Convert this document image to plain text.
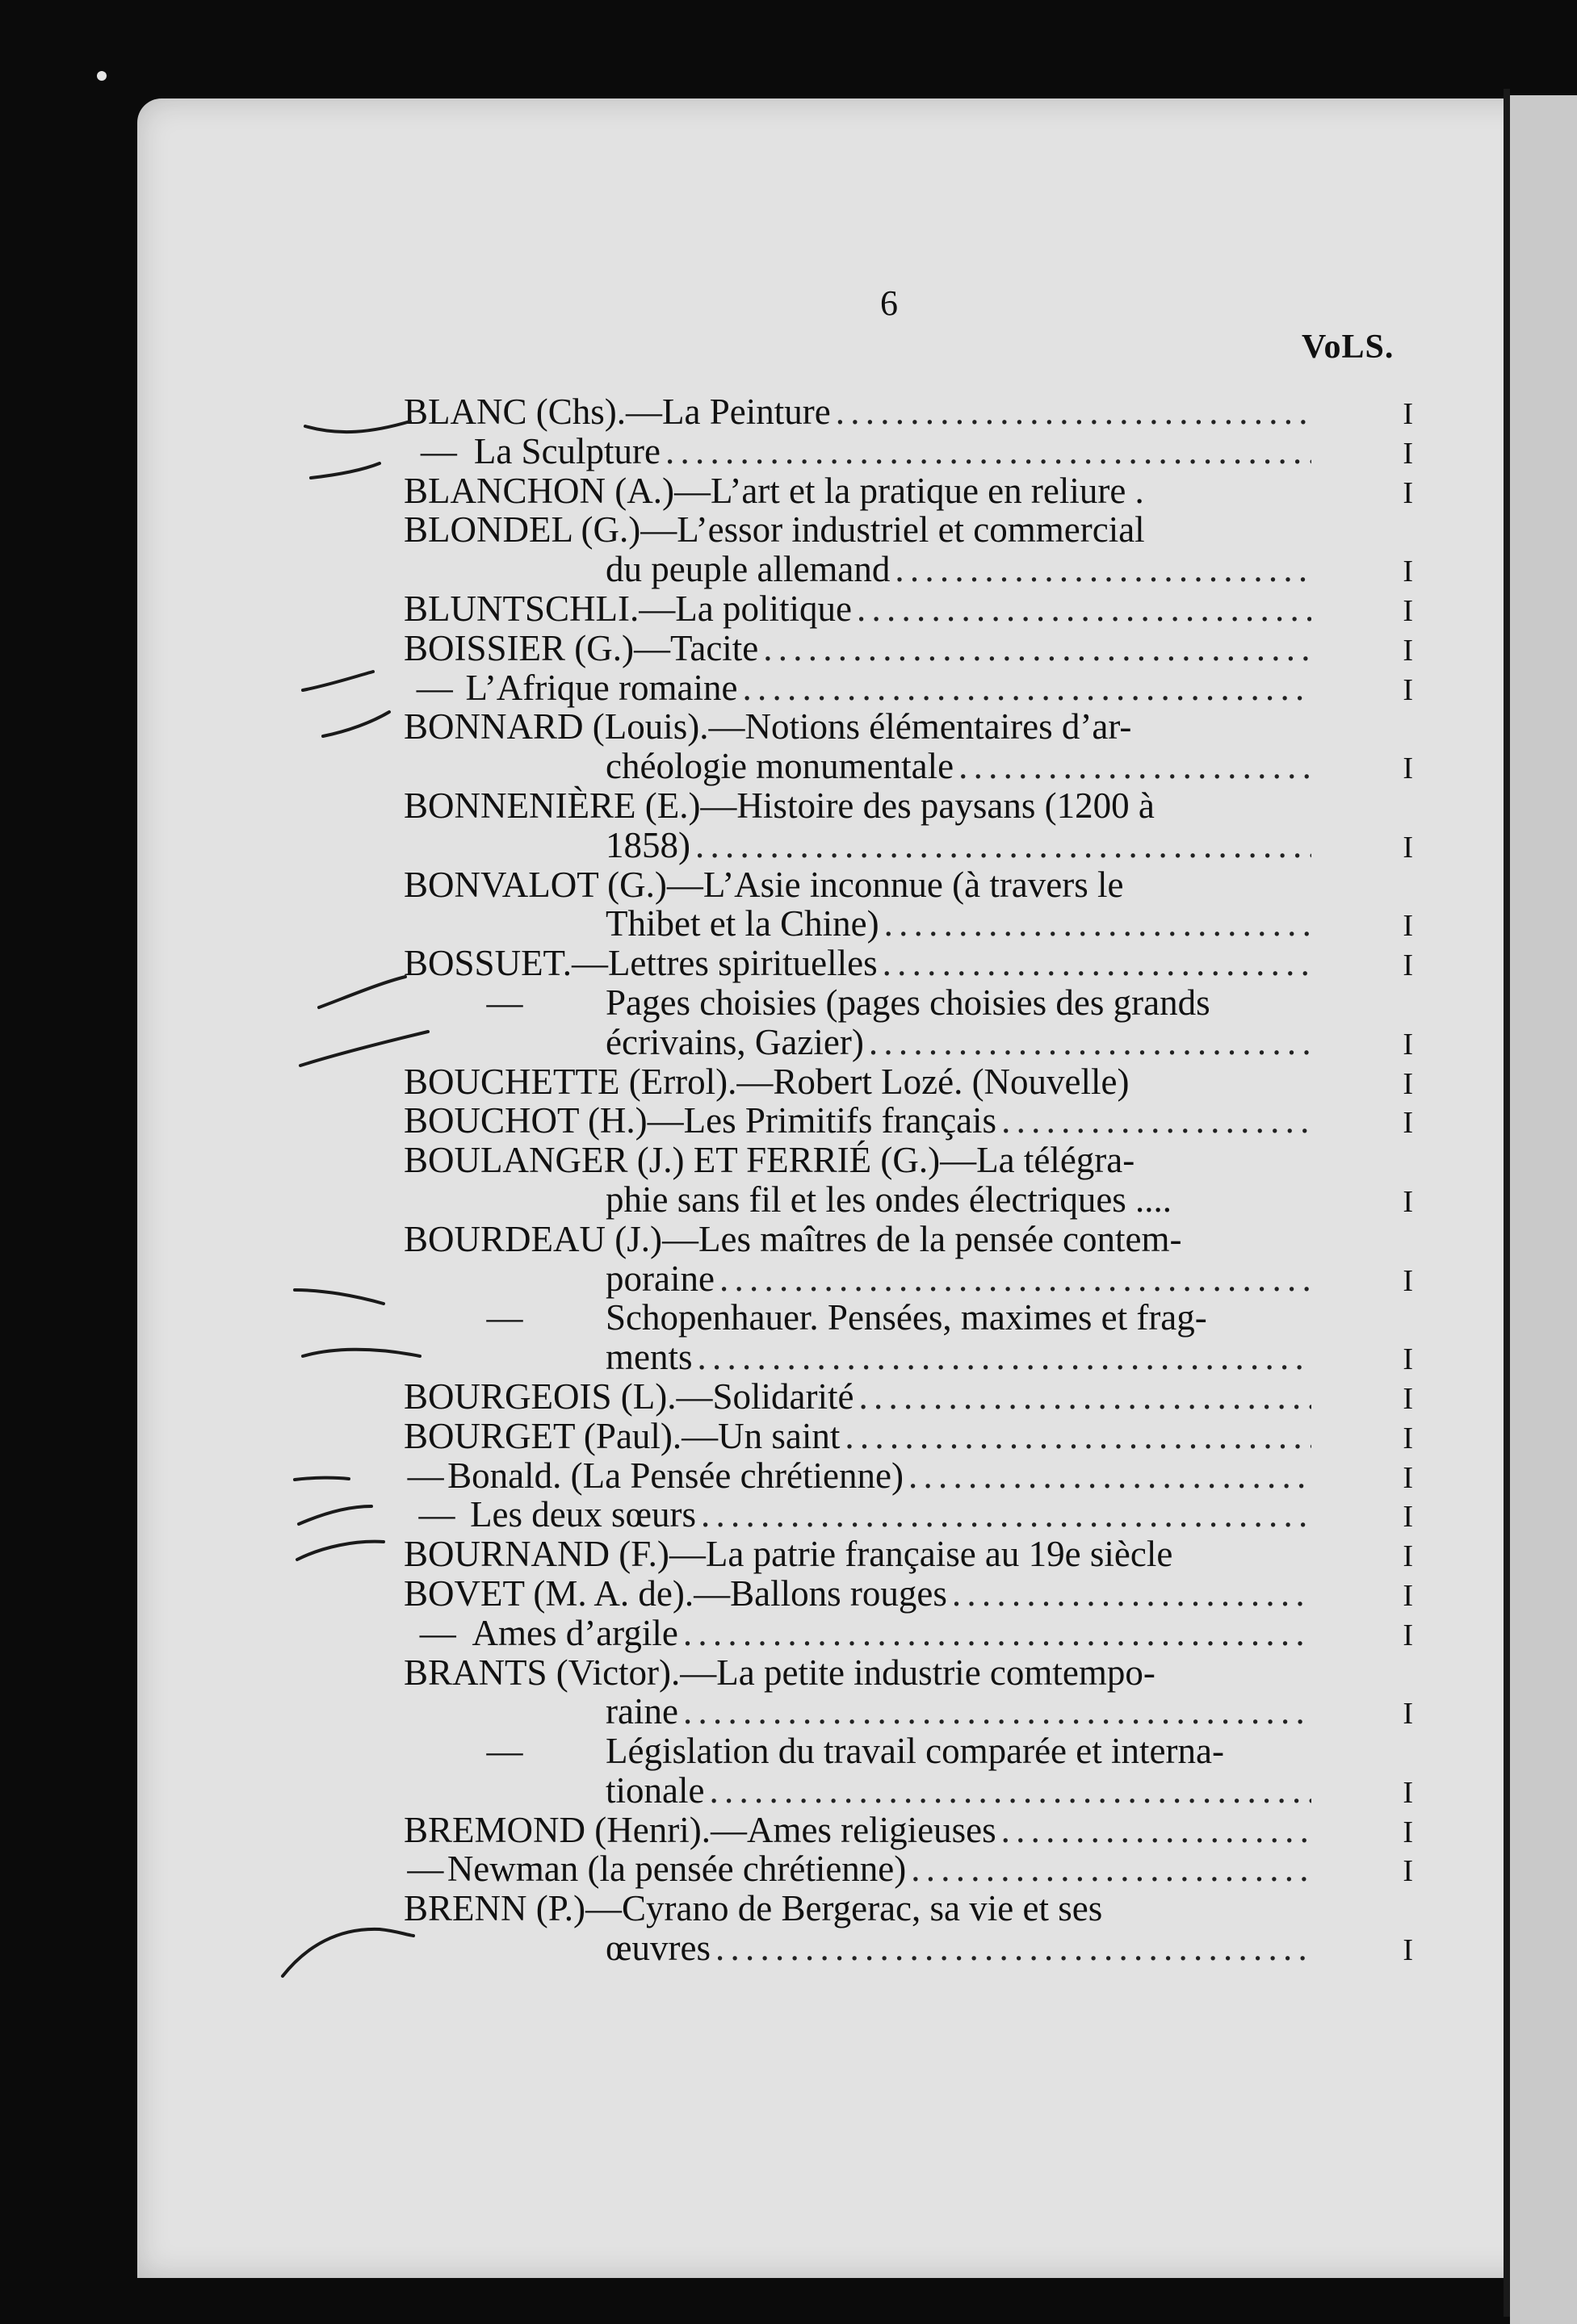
6
VoLS.
BLANC (Chs).—La Peinture . . .	I
— La Sculpture . . .	I
BLANCHON (A.)—L’art et la pratique en reliure .	I
BLONDEL (G.)—L’essor industriel et commercial
du peuple allemand . . .	I
BLUNTSCHLI.—La politique . . .	I
BOISSIER (G.)—Tacite . . .	I
— L’Afrique romaine . . .	I
BONNARD (Louis).—Notions élémentaires d’ar-
chéologie monumentale . . .	I
BONNENIÈRE (E.)—Histoire des paysans (1200 à
1858) . . .	I
BONVALOT (G.)—L’Asie inconnue (à travers le
Thibet et la Chine) . . .	I
BOSSUET.—Lettres spirituelles . . .	I
—	Pages choisies (pages choisies des grands
écrivains, Gazier) . . .	I
BOUCHETTE (Errol).—Robert Lozé. (Nouvelle)	I
BOUCHOT (H.)—Les Primitifs français . . .	I
BOULANGER (J.) ET FERRIÉ (G.)—La télégra-
phie sans fil et les ondes électriques ....	I
BOURDEAU (J.)—Les maîtres de la pensée contem-
poraine . . .	I
—	Schopenhauer. Pensées, maximes et frag-
ments . . .	I
BOURGEOIS (L).—Solidarité . . .	I
BOURGET (Paul).—Un saint . . .	I
— Bonald. (La Pensée chrétienne) . . .	I
— Les deux sœurs . . .	I
BOURNAND (F.)—La patrie française au 19e siècle	I
BOVET (M. A. de).—Ballons rouges . . .	I
— Ames d’argile . . .	I
BRANTS (Victor).—La petite industrie comtempo-
raine . . .	I
—	Législation du travail comparée et interna-
tionale . . .	I
BREMOND (Henri).—Ames religieuses . . .	I
— Newman (la pensée chrétienne) . . .	I
BRENN (P.)—Cyrano de Bergerac, sa vie et ses
œuvres . . .	I
